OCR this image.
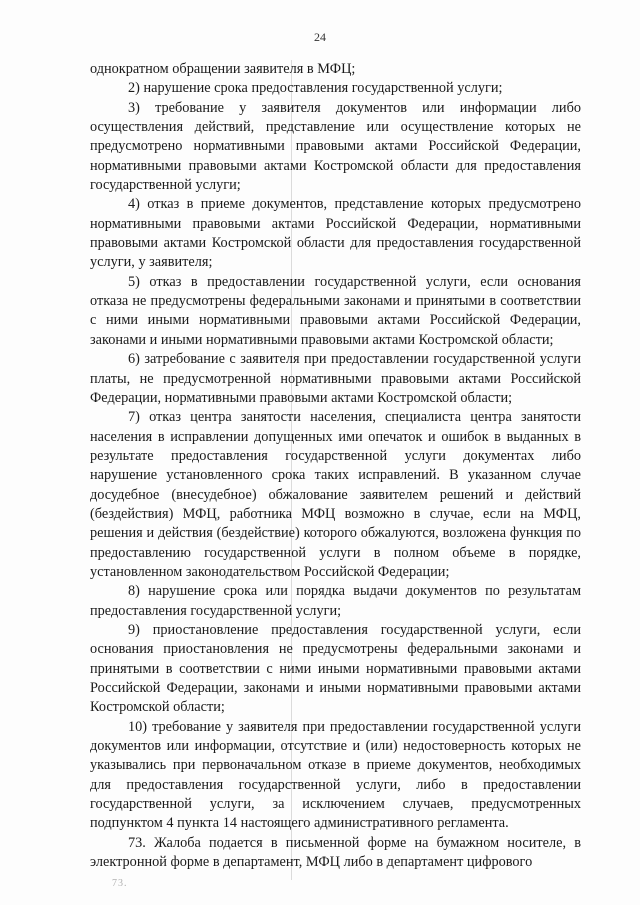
24

однократном обращении заявителя в МФЦ;

2) нарушение срока предоставления государственной услуги;

3) требование у заявителя документов или информации либо осуществления действий, представление или осуществление которых не предусмотрено нормативными правовыми актами Российской Федерации, нормативными правовыми актами Костромской области для предоставления государственной услуги;

4) отказ в приеме документов, представление которых предусмотрено нормативными правовыми актами Российской Федерации, нормативными правовыми актами Костромской области для предоставления государственной услуги, у заявителя;

5) отказ в предоставлении государственной услуги, если основания отказа не предусмотрены федеральными законами и принятыми в соответствии с ними иными нормативными правовыми актами Российской Федерации, законами и иными нормативными правовыми актами Костромской области;

6) затребование с заявителя при предоставлении государственной услуги платы, не предусмотренной нормативными правовыми актами Российской Федерации, нормативными правовыми актами Костромской области;

7) отказ центра занятости населения, специалиста центра занятости населения в исправлении допущенных ими опечаток и ошибок в выданных в результате предоставления государственной услуги документах либо нарушение установленного срока таких исправлений. В указанном случае досудебное (внесудебное) обжалование заявителем решений и действий (бездействия) МФЦ, работника МФЦ возможно в случае, если на МФЦ, решения и действия (бездействие) которого обжалуются, возложена функция по предоставлению государственной услуги в полном объеме в порядке, установленном законодательством Российской Федерации;

8) нарушение срока или порядка выдачи документов по результатам предоставления государственной услуги;

9) приостановление предоставления государственной услуги, если основания приостановления не предусмотрены федеральными законами и принятыми в соответствии с ними иными нормативными правовыми актами Российской Федерации, законами и иными нормативными правовыми актами Костромской области;

10) требование у заявителя при предоставлении государственной услуги документов или информации, отсутствие и (или) недостоверность которых не указывались при первоначальном отказе в приеме документов, необходимых для предоставления государственной услуги, либо в предоставлении государственной услуги, за исключением случаев, предусмотренных подпунктом 4 пункта 14 настоящего административного регламента.

73. Жалоба подается в письменной форме на бумажном носителе, в электронной форме в департамент, МФЦ либо в департамент цифрового

73.
